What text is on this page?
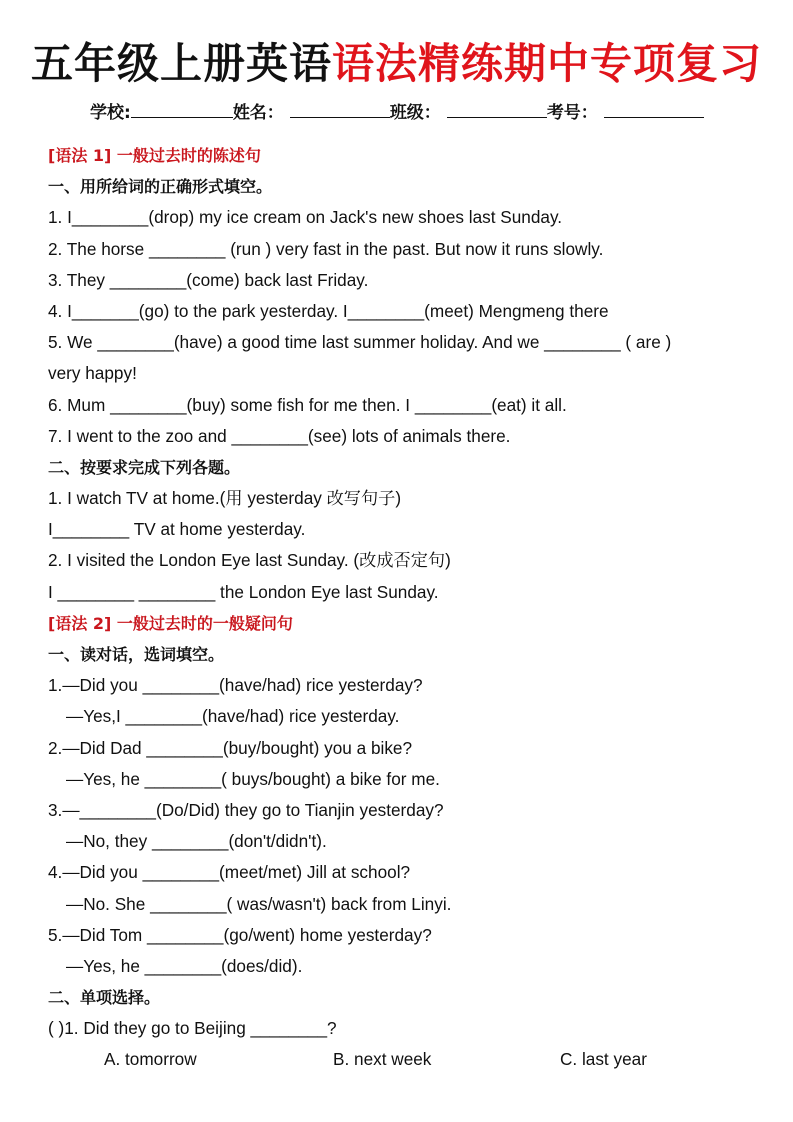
五年级上册英语语法精练期中专项复习
学校:	姓名：	班级：	考号：
[语法 1] 一般过去时的陈述句
一、用所给词的正确形式填空。
1. I________(drop) my ice cream on Jack's new shoes last Sunday.
2. The horse ________ (run ) very fast in the past. But now it runs slowly.
3. They ________(come) back last Friday.
4. I_______(go) to the park yesterday. I________(meet) Mengmeng there
5. We ________(have) a good time last summer holiday. And we ________ ( are )
very happy!
6. Mum ________(buy) some fish for me then. I ________(eat) it all.
7. I went to the zoo and ________(see) lots of animals there.
二、按要求完成下列各题。
1. I watch TV at home.(用 yesterday 改写句子)
I________ TV at home yesterday.
2. I visited the London Eye last Sunday. (改成否定句)
I ________ ________ the London Eye last Sunday.
[语法 2] 一般过去时的一般疑问句
一、读对话，选词填空。
1.—Did you ________(have/had) rice yesterday?
—Yes,I ________(have/had) rice yesterday.
2.—Did Dad ________(buy/bought) you a bike?
—Yes, he ________( buys/bought) a bike for me.
3.—________(Do/Did) they go to Tianjin yesterday?
—No, they ________(don't/didn't).
4.—Did you ________(meet/met) Jill at school?
—No. She ________( was/wasn't) back from Linyi.
5.—Did Tom ________(go/went) home yesterday?
—Yes, he ________(does/did).
二、单项选择。
( )1. Did they go to Beijing ________?
A. tomorrow	B. next week	C. last year
